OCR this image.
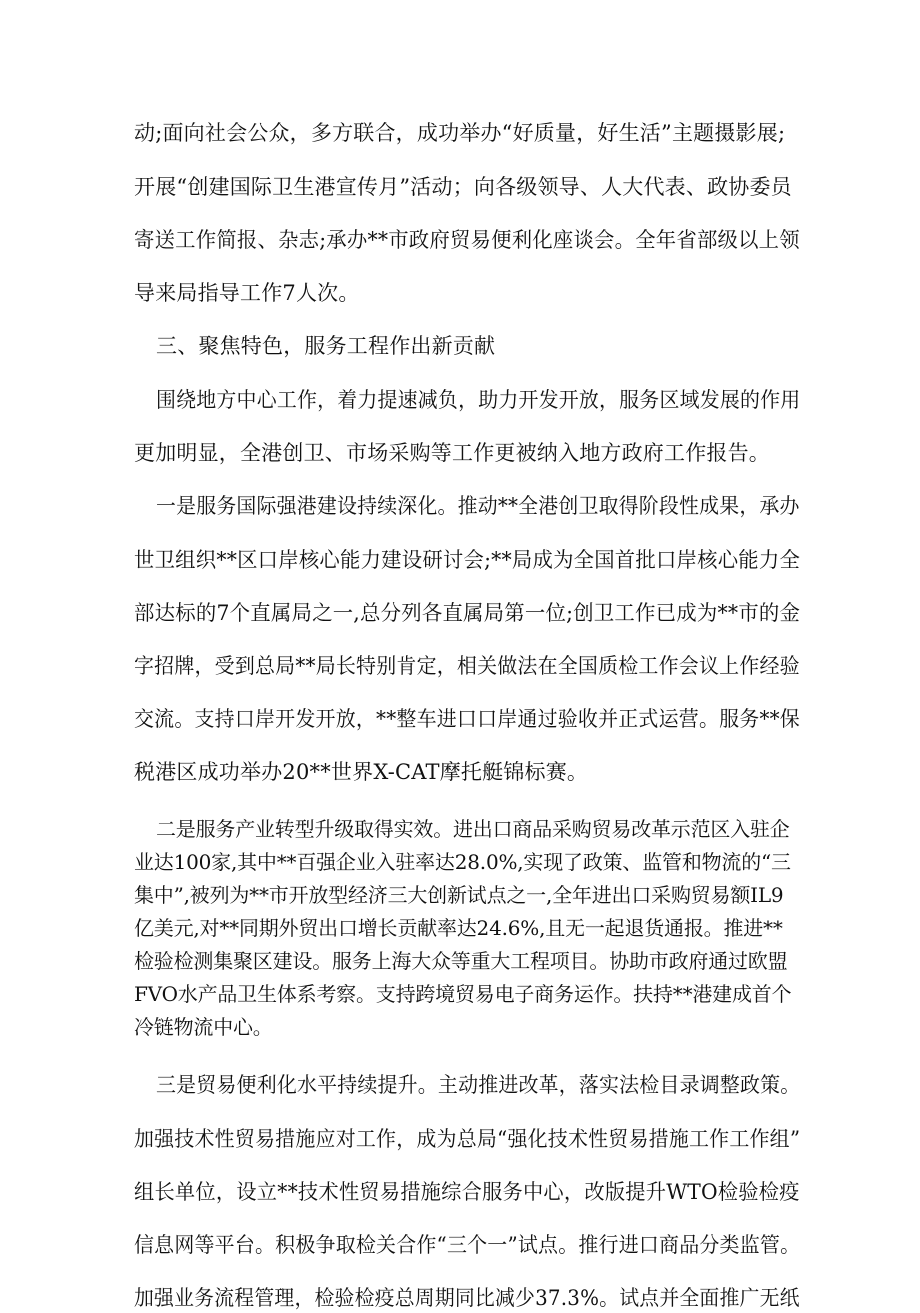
动;面向社会公众，多方联合，成功举办“好质量，好生活”主题摄影展;
开展“创建国际卫生港宣传月”活动；向各级领导、人大代表、政协委员
寄送工作简报、杂志;承办**市政府贸易便利化座谈会。全年省部级以上领
导来局指导工作7人次。
三、聚焦特色，服务工程作出新贡献
围绕地方中心工作，着力提速减负，助力开发开放，服务区域发展的作用
更加明显，全港创卫、市场采购等工作更被纳入地方政府工作报告。
一是服务国际强港建设持续深化。推动**全港创卫取得阶段性成果，承办
世卫组织**区口岸核心能力建设研讨会;**局成为全国首批口岸核心能力全
部达标的7个直属局之一,总分列各直属局第一位;创卫工作已成为**市的金
字招牌，受到总局**局长特别肯定，相关做法在全国质检工作会议上作经验
交流。支持口岸开发开放，**整车进口口岸通过验收并正式运营。服务**保
税港区成功举办20**世界X-CAT摩托艇锦标赛。
二是服务产业转型升级取得实效。进出口商品采购贸易改革示范区入驻企
业达100家,其中**百强企业入驻率达28.0%,实现了政策、监管和物流的“三
集中”,被列为**市开放型经济三大创新试点之一,全年进出口采购贸易额IL9
亿美元,对**同期外贸出口增长贡献率达24.6%,且无一起退货通报。推进**
检验检测集聚区建设。服务上海大众等重大工程项目。协助市政府通过欧盟
FVO水产品卫生体系考察。支持跨境贸易电子商务运作。扶持**港建成首个
冷链物流中心。
三是贸易便利化水平持续提升。主动推进改革，落实法检目录调整政策。
加强技术性贸易措施应对工作，成为总局“强化技术性贸易措施工作工作组”
组长单位，设立**技术性贸易措施综合服务中心，改版提升WTO检验检疫
信息网等平台。积极争取检关合作“三个一”试点。推行进口商品分类监管。
加强业务流程管理，检验检疫总周期同比减少37.3%。试点并全面推广无纸
